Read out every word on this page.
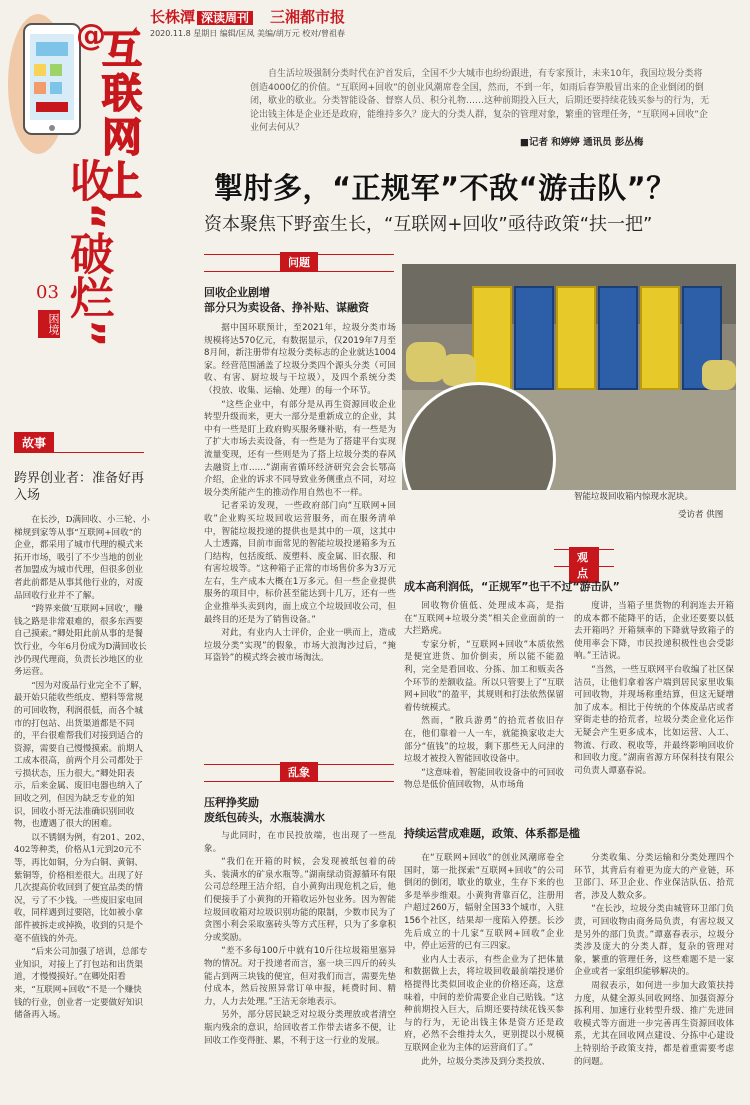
长株潭 深读周刊 三湘都市报
2020.11.8 星期日 编辑/匡凤 美编/胡万元 校对/曾祖春
@
互联网上
收“破烂”
03
困境
故事
跨界创业者：准备好再入场

在长沙，D满回收、小三轮、小梯规到家等从事“互联网+回收”的企业，都采用了城市代理的模式来拓开市场，吸引了不少当地的创业者加盟成为城市代理，但很多创业者此前都是从事其他行业的，对废品回收行业并不了解。

“跨界来做‘互联网+回收’，赚钱之路是非常艰难的，很多东西要自己摸索。”卿处阳此前从事的是餐饮行业，今年6月份成为D满回收长沙仍现代理商，负责长沙地区的业务运营。

“因为对废品行业完全不了解，最开始只能收些纸皮、塑料等常规的可回收物，利润很低，而各个城市的打包站、出货渠道都是不同的，平台很难帮我们对接到适合的资源，需要自己慢慢摸索。前期人工成本很高，前两个月公司都处于亏损状态，压力很大。”卿处阳表示，后来金属、废旧电器也纳入了回收之列，但因为缺乏专业的知识，回收小哥无法准确识别回收物，也遭遇了很大的困难。

以不锈钢为例，有201、202、402等种类，价格从1元到20元不等，再比如铜，分为白铜、黄铜、紫铜等，价格相差很大。出现了好几次提高价收回到了便宜品类的情况，亏了不少钱。一些废旧家电回收，同样遇到过要陪，比如被小拿部件被拆走或掉换，收到的只是个毫不值钱的外壳。

“后来公司加强了培训，总部专业知识，对接上了打包站和出货渠道，才慢慢摸好。”在卿处阳看来，“互联网+回收”不是一个赚快钱的行业，创业者一定要做好知识储备再入场。

自生活垃圾强制分类时代在沪首发后，全国不少大城市也纷纷跟进，有专家预计，未来10年，我国垃圾分类将创造4000亿的价值。“互联网+回收”的创业风潮席卷全国，然而，不到一年，如雨后春笋般冒出来的企业倒闭的倒闭，歇业的歇业。分类智能设备、督察人员、积分礼物……这种前期投入巨大，后期还要持续花钱买参与的行为，无论出钱主体是企业还是政府，能维持多久？庞大的分类人群，复杂的管理对象，繁重的管理任务，“互联网+回收”企业何去何从？
■记者 和婷婷 通讯员 彭丛梅
掣肘多，“正规军”不敌“游击队”？
资本聚焦下野蛮生长，“互联网+回收”亟待政策“扶一把”
问题
回收企业剧增
部分只为卖设备、挣补贴、谋融资

据中国环联预计，至2021年，垃圾分类市场规模将达570亿元，有数据显示，仅2019年7月至8月间，新注册带有垃圾分类标志的企业就达1004家。经营范围涵盖了垃圾分类四个源头分类（可回收、有害、厨垃圾与干垃圾），及四个系统分类（投放、收集、运输、处理）的每一个环节。

“这些企业中，有部分是从再生资源回收企业转型升级而来，更大一部分是重新成立的企业，其中有一些是盯上政府购买服务赚补贴，有一些是为了扩大市场去卖设备，有一些是为了搭建平台实现流量变现，还有一些则是为了搭上垃圾分类的春风去融资上市……”湖南省循环经济研究会会长鄂高介绍，企业的诉求不同导致业务侧重点不同，对垃圾分类所能产生的推动作用自然也不一样。

记者采访发现，一些政府部门向“互联网+回收”企业购买垃圾回收运营服务，而在服务清单中，智能垃圾投递的提供也是其中的一项，这其中人士透露，目前市面常见的智能垃圾投递箱多为五门结构，包括废纸、废塑料、废金属、旧衣服、和有害垃圾等。“这种箱子正常的市场售价多为3万元左右，生产成本大概在1万多元。但一些企业提供服务的项目中，标价甚至能达到十几万，还有一些企业推举头卖到肉，面上成立个垃圾回收公司，但最终目的还是为了销售设备。”

对此，有业内人士评价，企业一哄而上，造成垃圾分类“实现”的假象，市场大浪淘沙过后，“掩耳盗铃”的模式终会被市场淘汰。

乱象
压秤挣奖励
废纸包砖头，水瓶装满水

与此同时，在市民投放端，也出现了一些乱象。

“我们在开箱的时候，会发现被纸包着的砖头、装满水的矿泉水瓶等。”湖南绿动资源循环有限公司总经理王洁介绍，自小黄狗出现危机之后，他们便接手了小黄狗的开箱收运外包业务。因为智能垃圾回收箱对垃圾识别功能的限制，少数市民为了贪图小利会采取塞砖头等方式压秤，只为了多拿积分或奖励。

“差不多每100斤中就有10斤往垃圾箱里塞异物的情况。对于投递者而言，塞一块三四斤的砖头能占到两三块钱的便宜，但对我们而言，需要先垫付成本，然后按照异常订单申报，耗费时间、精力，人力去处理。”王洁无奈地表示。

另外，部分居民缺乏对垃圾分类理放或者清空瓶内残余的意识，给回收者工作带去诸多不便，让回收工作变得脏、累，不利于这一行业的发展。

智能垃圾回收箱内惊现水泥块。
受访者 供图
观点
成本高利润低，“正规军”也干不过“游击队”

回收物价值低、处理成本高，是指在“互联网+垃圾分类”相关企业面前的一大拦路虎。

专家分析，“互联网+回收”本质依然是便宜进货、加价倒卖，所以能不能盈利，完全是看回收、分拣、加工和贩卖各个环节的差额收益。所以只管要上了“互联网+回收”的盈平，其规则和打法依然保留着传统模式。

然而，“散兵游勇”的拾荒者依旧存在，他们靠着一人一车，就能换家收走大部分“值钱”的垃圾，剩下那些无人问津的垃圾才被投入智能回收设备中。

“这意味着，智能回收设备中的可回收物总是低价值回收物，从市场角

度讲，当箱子里货物的利润连去开箱的成本都不能降平的话，企业还要要以低去开箱吗？开箱频率的下降就导致箱子的使用率会下降，市民投递积极性也会受影响。”王洁说。

“当然，一些互联网平台收编了社区保洁员，让他们拿着客户端到居民家里收集可回收物，并现场称重结算，但这无疑增加了成本。相比于传统的个体废品店或者穿街走巷的拾荒者，垃圾分类企业化运作无疑会产生更多成本，比如运营、人工、物流、行政、税收等，并最终影响回收价和回收力度。”湖南省源方环保科技有限公司负责人谭嘉春说。

持续运营成难题，政策、体系都是槛

在“互联网+回收”的创业风潮席卷全国时，第一批探索“互联网+回收”的公司倒闭的倒闭，歇业的歇业，生存下来的也多是举步维艰。小黄狗背靠百亿，注册用户超过260万，辐射全国33个城市，入驻156个社区，结果却一度陷入停摆。长沙先后成立的十几家“互联网+回收”企业中，停止运营的已有三四家。

业内人士表示，有些企业为了把体量和数据做上去，将垃圾回收最前端投递价格提得比类似回收企业的价格还高，这意味着，中间的差价需要企业自己贴钱。“这种前期投入巨大，后期还要持续花钱买参与的行为，无论出钱主体是资方还是政府，必然不会维持太久，更别提以小规模互联网企业为主体的运营商们了。”

此外，垃圾分类涉及到分类投放、

分类收集、分类运输和分类处理四个环节，其背后有着更为庞大的产业链，环卫部门、环卫企业、作业保洁队伍、拾荒者，涉及人数众多。

“在长沙，垃圾分类由城管环卫部门负责，可回收物由商务局负责，有害垃圾又是另外的部门负责。”谭嘉春表示，垃圾分类涉及庞大的分类人群，复杂的管理对象，繁重的管理任务，这些难题不是一家企业或者一家组织能够解决的。

周叙表示，如何进一步加大政策扶持力度，从健全源头回收网络、加强资源分拣利用、加速行业转型升级、推广先进回收模式等方面进一步完善再生资源回收体系，尤其在回收网点建设、分拣中心建设上特别给予政策支持，都是着重需要考虑的问题。
